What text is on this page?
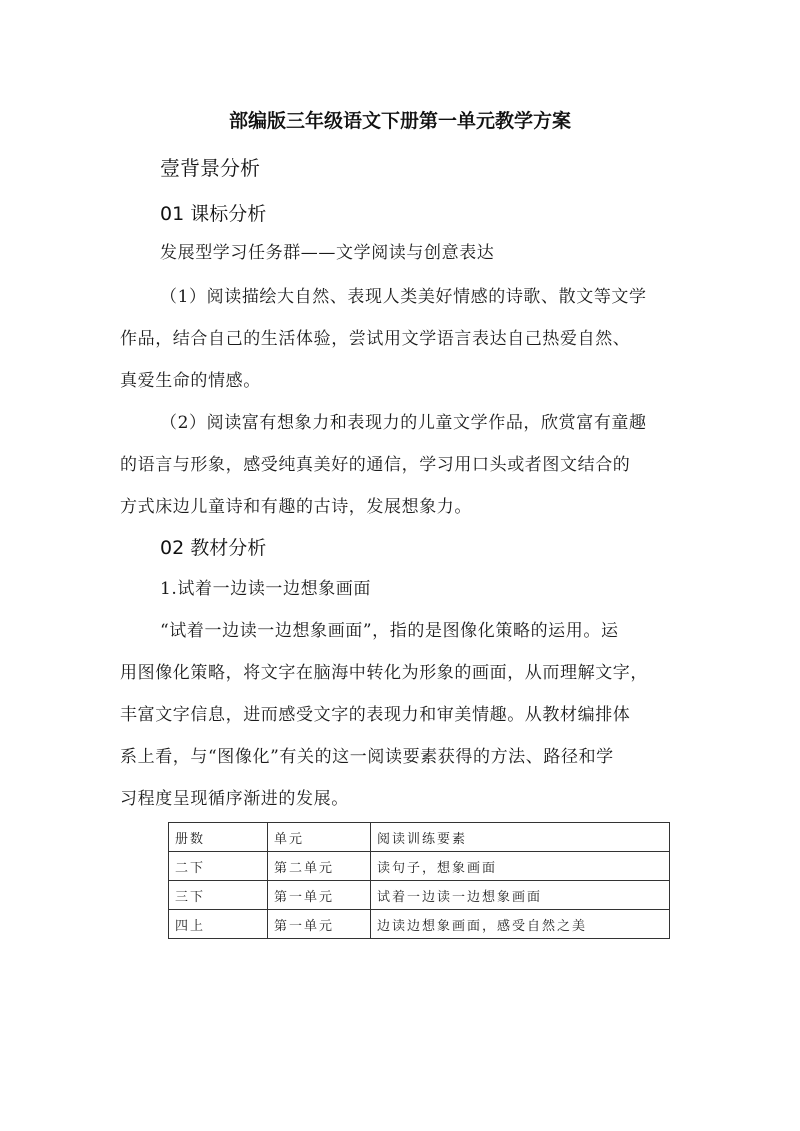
部编版三年级语文下册第一单元教学方案
壹背景分析
01 课标分析
发展型学习任务群——文学阅读与创意表达
（1）阅读描绘大自然、表现人类美好情感的诗歌、散文等文学
作品，结合自己的生活体验，尝试用文学语言表达自己热爱自然、
真爱生命的情感。
（2）阅读富有想象力和表现力的儿童文学作品，欣赏富有童趣
的语言与形象，感受纯真美好的通信，学习用口头或者图文结合的
方式床边儿童诗和有趣的古诗，发展想象力。
02 教材分析
1.试着一边读一边想象画面
“试着一边读一边想象画面”，指的是图像化策略的运用。运
用图像化策略，将文字在脑海中转化为形象的画面，从而理解文字，
丰富文字信息，进而感受文字的表现力和审美情趣。从教材编排体
系上看，与“图像化”有关的这一阅读要素获得的方法、路径和学
习程度呈现循序渐进的发展。
册数	单元	阅读训练要素
二下	第二单元	读句子，想象画面
三下	第一单元	试着一边读一边想象画面
四上	第一单元	边读边想象画面，感受自然之美
